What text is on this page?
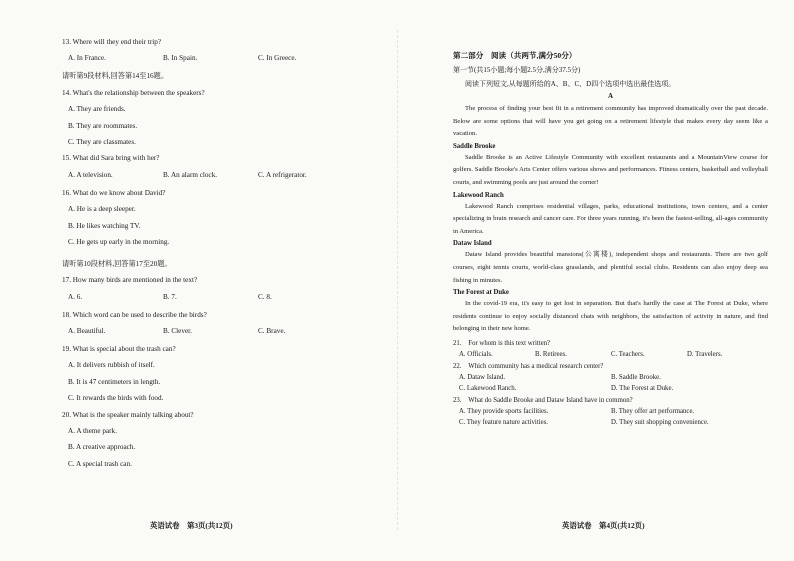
13. Where will they end their trip?
A. In France.	B. In Spain.	C. In Greece.
请听第9段材料,回答第14至16题。
14. What's the relationship between the speakers?
A. They are friends.
B. They are roommates.
C. They are classmates.
15. What did Sara bring with her?
A. A television.	B. An alarm clock.	C. A refrigerator.
16. What do we know about David?
A. He is a deep sleeper.
B. He likes watching TV.
C. He gets up early in the morning.
请听第10段材料,回答第17至20题。
17. How many birds are mentioned in the text?
A. 6.	B. 7.	C. 8.
18. Which word can be used to describe the birds?
A. Beautiful.	B. Clever.	C. Brave.
19. What is special about the trash can?
A. It delivers rubbish of itself.
B. It is 47 centimeters in length.
C. It rewards the birds with food.
20. What is the speaker mainly talking about?
A. A theme park.
B. A creative approach.
C. A special trash can.
英语试卷　第3页(共12页)
第二部分　阅读（共两节,满分50分）
第一节(共15小题;每小题2.5分,满分37.5分)
阅读下列短文,从每题所给的A、B、C、D四个选项中选出最佳选项。
A

The process of finding your best fit in a retirement community has improved dramatically over the past decade. Below are some options that will have you get going on a retirement lifestyle that makes every day seem like a vacation.

Saddle Brooke

Saddle Brooke is an Active Lifestyle Community with excellent restaurants and a MountainView course for golfers. Saddle Brooke's Arts Center offers various shows and performances. Fitness centers, basketball and volleyball courts, and swimming pools are just around the corner!

Lakewood Ranch

Lakewood Ranch comprises residential villages, parks, educational institutions, town centers, and a center specializing in brain research and cancer care. For three years running, it's been the fastest-selling, all-ages community in America.

Dataw Island

Dataw Island provides beautiful mansions(公寓楼), independent shops and restaurants. There are two golf courses, eight tennis courts, world-class grasslands, and plentiful social clubs. Residents can also enjoy deep sea fishing in minutes.

The Forest at Duke

In the covid-19 era, it's easy to get lost in separation. But that's hardly the case at The Forest at Duke, where residents continue to enjoy socially distanced chats with neighbors, the satisfaction of activity in nature, and find belonging in their new home.

21.　For whom is this text written?
A. Officials.	B. Retirees.	C. Teachers.	D. Travelers.
22.　Which community has a medical research center?
A. Dataw Island.	B. Saddle Brooke.
C. Lakewood Ranch.	D. The Forest at Duke.
23.　What do Saddle Brooke and Dataw Island have in common?
A. They provide sports facilities.	B. They offer art performance.
C. They feature nature activities.	D. They suit shopping convenience.
英语试卷　第4页(共12页)
